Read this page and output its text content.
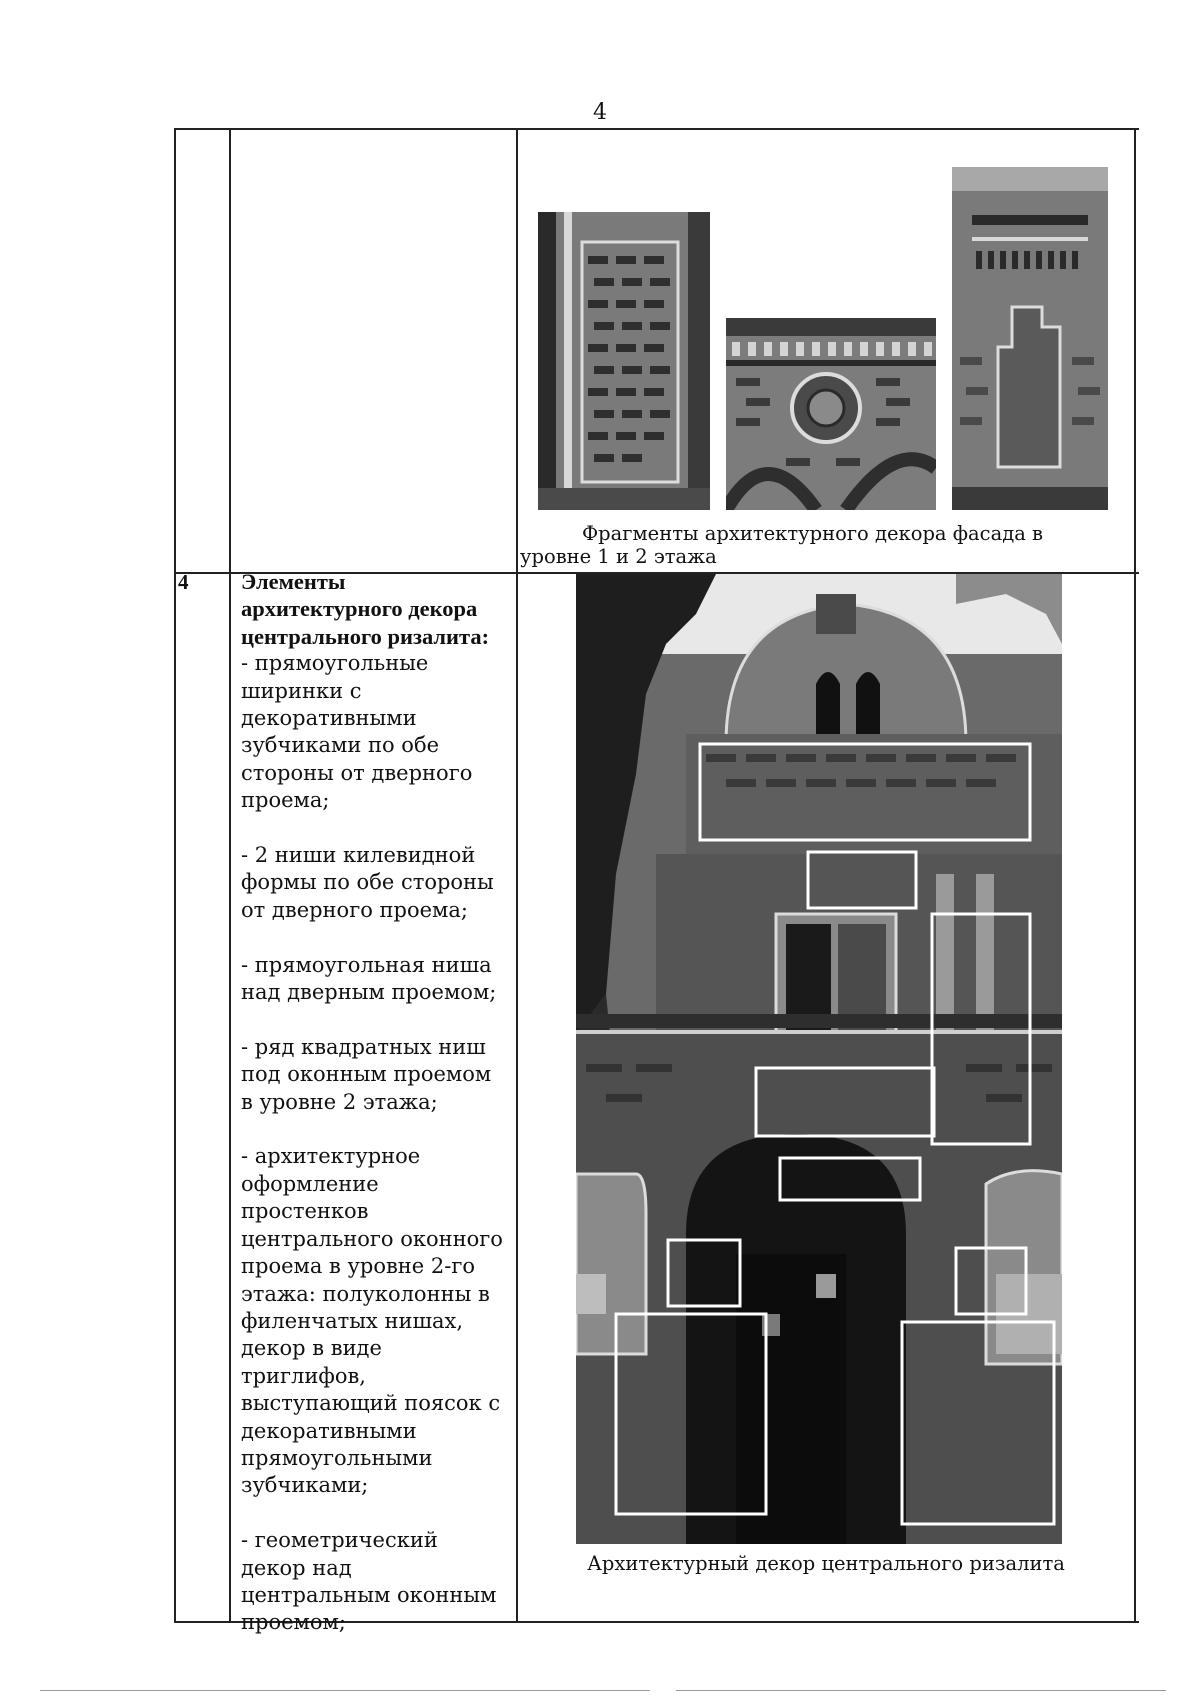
4
Фрагменты архитектурного декора фасада в уровне 1 и 2 этажа
4 Элементы архитектурного декора центрального ризалита:
- прямоугольные ширинки с декоративными зубчиками по обе стороны от дверного проема;
- 2 ниши килевидной формы по обе стороны от дверного проема;
- прямоугольная ниша над дверным проемом;
- ряд квадратных ниш под оконным проемом в уровне 2 этажа;
- архитектурное оформление простенков центрального оконного проема в уровне 2-го этажа: полуколонны в филенчатых нишах, декор в виде триглифов, выступающий поясок с декоративными прямоугольными зубчиками;
- геометрический декор над центральным оконным проемом;
Архитектурный декор центрального ризалита
